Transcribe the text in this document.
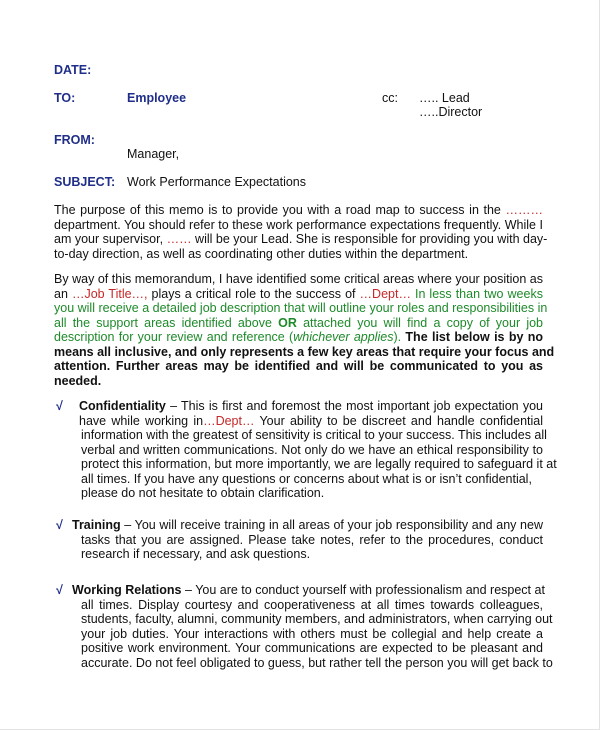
DATE:
TO:	Employee	cc: ….. Lead
…..Director
FROM:
Manager,
SUBJECT: Work Performance Expectations
The purpose of this memo is to provide you with a road map to success in the ………
department. You should refer to these work performance expectations frequently. While I
am your supervisor, …… will be your Lead. She is responsible for providing you with day-
to-day direction, as well as coordinating other duties within the department.
By way of this memorandum, I have identified some critical areas where your position as
an …Job Title…, plays a critical role to the success of …Dept… In less than two weeks
you will receive a detailed job description that will outline your roles and responsibilities in
all the support areas identified above OR attached you will find a copy of your job
description for your review and reference (whichever applies). The list below is by no
means all inclusive, and only represents a few key areas that require your focus and
attention. Further areas may be identified and will be communicated to you as
needed.
√ Confidentiality – This is first and foremost the most important job expectation you
have while working in…Dept… Your ability to be discreet and handle confidential
information with the greatest of sensitivity is critical to your success. This includes all
verbal and written communications. Not only do we have an ethical responsibility to
protect this information, but more importantly, we are legally required to safeguard it at
all times. If you have any questions or concerns about what is or isn’t confidential,
please do not hesitate to obtain clarification.
√ Training – You will receive training in all areas of your job responsibility and any new
tasks that you are assigned. Please take notes, refer to the procedures, conduct
research if necessary, and ask questions.
√ Working Relations – You are to conduct yourself with professionalism and respect at
all times. Display courtesy and cooperativeness at all times towards colleagues,
students, faculty, alumni, community members, and administrators, when carrying out
your job duties. Your interactions with others must be collegial and help create a
positive work environment. Your communications are expected to be pleasant and
accurate. Do not feel obligated to guess, but rather tell the person you will get back to
